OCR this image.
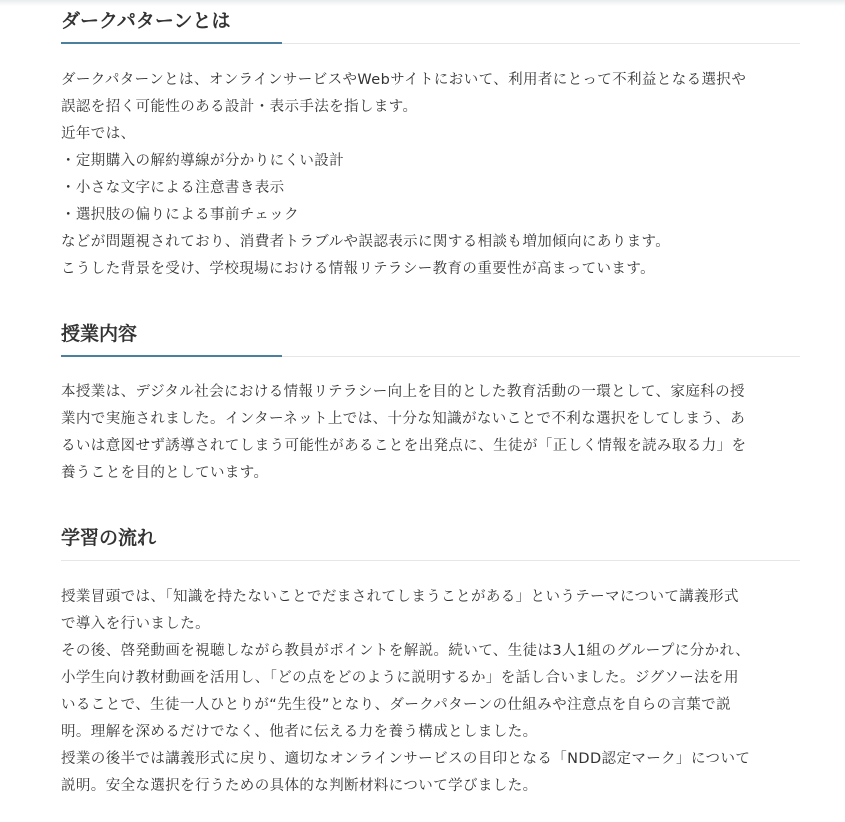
ダークパターンとは
ダークパターンとは、オンラインサービスやWebサイトにおいて、利用者にとって不利益となる選択や
誤認を招く可能性のある設計・表示手法を指します。
近年では、
・定期購入の解約導線が分かりにくい設計
・小さな文字による注意書き表示
・選択肢の偏りによる事前チェック
などが問題視されており、消費者トラブルや誤認表示に関する相談も増加傾向にあります。
こうした背景を受け、学校現場における情報リテラシー教育の重要性が高まっています。
授業内容
本授業は、デジタル社会における情報リテラシー向上を目的とした教育活動の一環として、家庭科の授
業内で実施されました。インターネット上では、十分な知識がないことで不利な選択をしてしまう、あ
るいは意図せず誘導されてしまう可能性があることを出発点に、生徒が「正しく情報を読み取る力」を
養うことを目的としています。
学習の流れ
授業冒頭では、「知識を持たないことでだまされてしまうことがある」というテーマについて講義形式
で導入を行いました。
その後、啓発動画を視聴しながら教員がポイントを解説。続いて、生徒は3人1組のグループに分かれ、
小学生向け教材動画を活用し、「どの点をどのように説明するか」を話し合いました。ジグソー法を用
いることで、生徒一人ひとりが“先生役”となり、ダークパターンの仕組みや注意点を自らの言葉で説
明。理解を深めるだけでなく、他者に伝える力を養う構成としました。
授業の後半では講義形式に戻り、適切なオンラインサービスの目印となる「NDD認定マーク」について
説明。安全な選択を行うための具体的な判断材料について学びました。
